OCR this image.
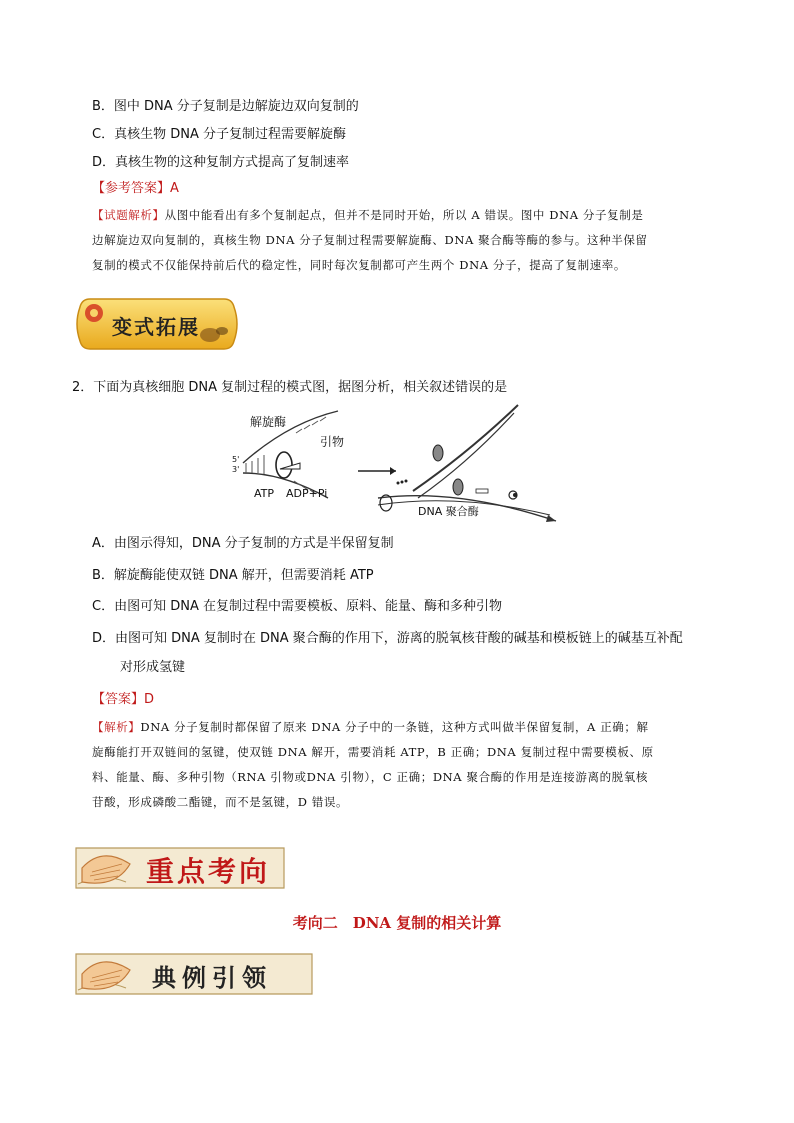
B．图中 DNA 分子复制是边解旋边双向复制的
C．真核生物 DNA 分子复制过程需要解旋酶
D．真核生物的这种复制方式提高了复制速率
【参考答案】A
【试题解析】从图中能看出有多个复制起点，但并不是同时开始，所以 A 错误。图中 DNA 分子复制是
边解旋边双向复制的，真核生物 DNA 分子复制过程需要解旋酶、DNA 聚合酶等酶的参与。这种半保留
复制的模式不仅能保持前后代的稳定性，同时每次复制都可产生两个 DNA 分子，提高了复制速率。
变式拓展
2．下面为真核细胞 DNA 复制过程的模式图，据图分析，相关叙述错误的是
解旋酶
引物
5'
3'
ATP ADP+Pi
DNA 聚合酶
A．由图示得知，DNA 分子复制的方式是半保留复制
B．解旋酶能使双链 DNA 解开，但需要消耗 ATP
C．由图可知 DNA 在复制过程中需要模板、原料、能量、酶和多种引物
D．由图可知 DNA 复制时在 DNA 聚合酶的作用下，游离的脱氧核苷酸的碱基和模板链上的碱基互补配
对形成氢键
【答案】D
【解析】DNA 分子复制时都保留了原来 DNA 分子中的一条链，这种方式叫做半保留复制，A 正确；解
旋酶能打开双链间的氢键，使双链 DNA 解开，需要消耗 ATP，B 正确；DNA 复制过程中需要模板、原
料、能量、酶、多种引物（RNA 引物或DNA 引物），C 正确；DNA 聚合酶的作用是连接游离的脱氧核
苷酸，形成磷酸二酯键，而不是氢键，D 错误。
重点考向
考向二　DNA 复制的相关计算
典例引领
